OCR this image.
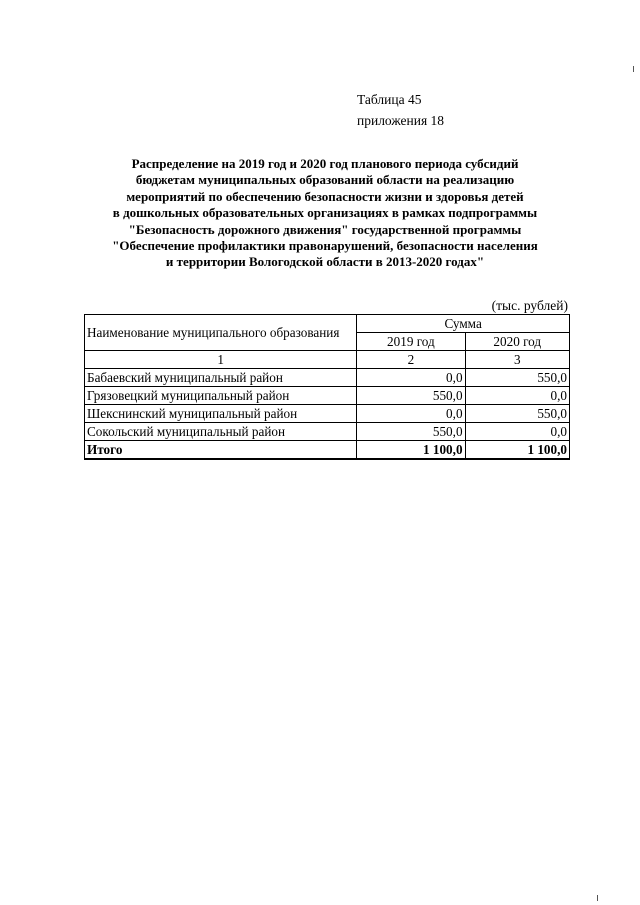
Таблица 45
приложения 18
Распределение на 2019 год и 2020 год планового периода субсидий
бюджетам муниципальных образований области на реализацию
мероприятий по обеспечению безопасности жизни и здоровья детей
в дошкольных образовательных организациях в рамках подпрограммы
"Безопасность дорожного движения" государственной программы
"Обеспечение профилактики правонарушений, безопасности населения
и территории Вологодской области в 2013-2020 годах"
(тыс. рублей)
Наименование муниципального образования	Сумма	
	2019 год	2020 год
1	2	3
Бабаевский муниципальный район	0,0	550,0
Грязовецкий муниципальный район	550,0	0,0
Шекснинский муниципальный район	0,0	550,0
Сокольский муниципальный район	550,0	0,0
Итого	1 100,0	1 100,0
